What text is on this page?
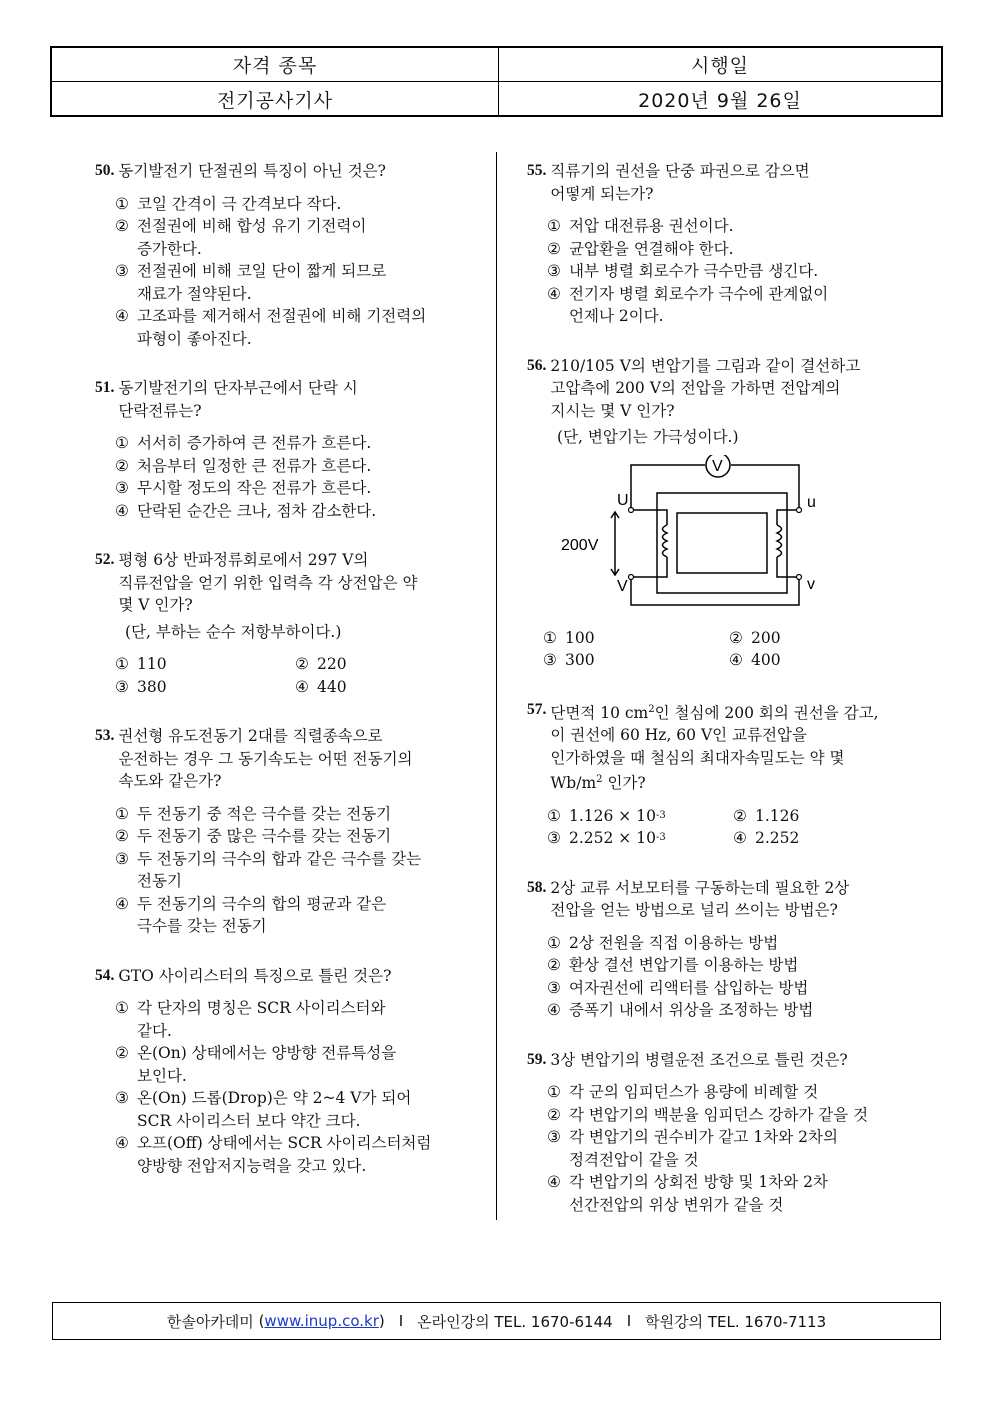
자격 종목	시행일
전기공사기사	2020년 9월 26일
50. 동기발전기 단절권의 특징이 아닌 것은?
① 코일 간격이 극 간격보다 작다.
② 전절권에 비해 합성 유기 기전력이
증가한다.
③ 전절권에 비해 코일 단이 짧게 되므로
재료가 절약된다.
④ 고조파를 제거해서 전절권에 비해 기전력의
파형이 좋아진다.
51. 동기발전기의 단자부근에서 단락 시
단락전류는?
① 서서히 증가하여 큰 전류가 흐른다.
② 처음부터 일정한 큰 전류가 흐른다.
③ 무시할 정도의 작은 전류가 흐른다.
④ 단락된 순간은 크나, 점차 감소한다.
52. 평형 6상 반파정류회로에서 297 V의
직류전압을 얻기 위한 입력측 각 상전압은 약
몇 V 인가?
(단, 부하는 순수 저항부하이다.)
① 110	② 220
③ 380	④ 440
53. 권선형 유도전동기 2대를 직렬종속으로
운전하는 경우 그 동기속도는 어떤 전동기의
속도와 같은가?
① 두 전동기 중 적은 극수를 갖는 전동기
② 두 전동기 중 많은 극수를 갖는 전동기
③ 두 전동기의 극수의 합과 같은 극수를 갖는
전동기
④ 두 전동기의 극수의 합의 평균과 같은
극수를 갖는 전동기
54. GTO 사이리스터의 특징으로 틀린 것은?
① 각 단자의 명칭은 SCR 사이리스터와
같다.
② 온(On) 상태에서는 양방향 전류특성을
보인다.
③ 온(On) 드롭(Drop)은 약 2~4 V가 되어
SCR 사이리스터 보다 약간 크다.
④ 오프(Off) 상태에서는 SCR 사이리스터처럼
양방향 전압저지능력을 갖고 있다.
55. 직류기의 권선을 단중 파권으로 감으면
어떻게 되는가?
① 저압 대전류용 권선이다.
② 균압환을 연결해야 한다.
③ 내부 병렬 회로수가 극수만큼 생긴다.
④ 전기자 병렬 회로수가 극수에 관계없이
언제나 2이다.
56. 210/105 V의 변압기를 그림과 같이 결선하고
고압측에 200 V의 전압을 가하면 전압계의
지시는 몇 V 인가?
(단, 변압기는 가극성이다.)
V
U	u
V	v
200V
① 100	② 200
③ 300	④ 400
57. 단면적 10 $cm^2$인 철심에 200 회의 권선을 감고,
이 권선에 60 Hz, 60 V인 교류전압을
인가하였을 때 철심의 최대자속밀도는 약 몇
$Wb/m^2$ 인가?
① 1.126 × 10 -3	② 1.126
③ 2.252 × 10 -3	④ 2.252
58. 2상 교류 서보모터를 구동하는데 필요한 2상
전압을 얻는 방법으로 널리 쓰이는 방법은?
① 2상 전원을 직접 이용하는 방법
② 환상 결선 변압기를 이용하는 방법
③ 여자권선에 리액터를 삽입하는 방법
④ 증폭기 내에서 위상을 조정하는 방법
59. 3상 변압기의 병렬운전 조건으로 틀린 것은?
① 각 군의 임피던스가 용량에 비례할 것
② 각 변압기의 백분율 임피던스 강하가 같을 것
③ 각 변압기의 권수비가 같고 1차와 2차의
정격전압이 같을 것
④ 각 변압기의 상회전 방향 및 1차와 2차
선간전압의 위상 변위가 같을 것
한솔아카데미 ( www.inup.co.kr ) I 온라인강의 TEL. 1670-6144 I 학원강의 TEL. 1670-7113
